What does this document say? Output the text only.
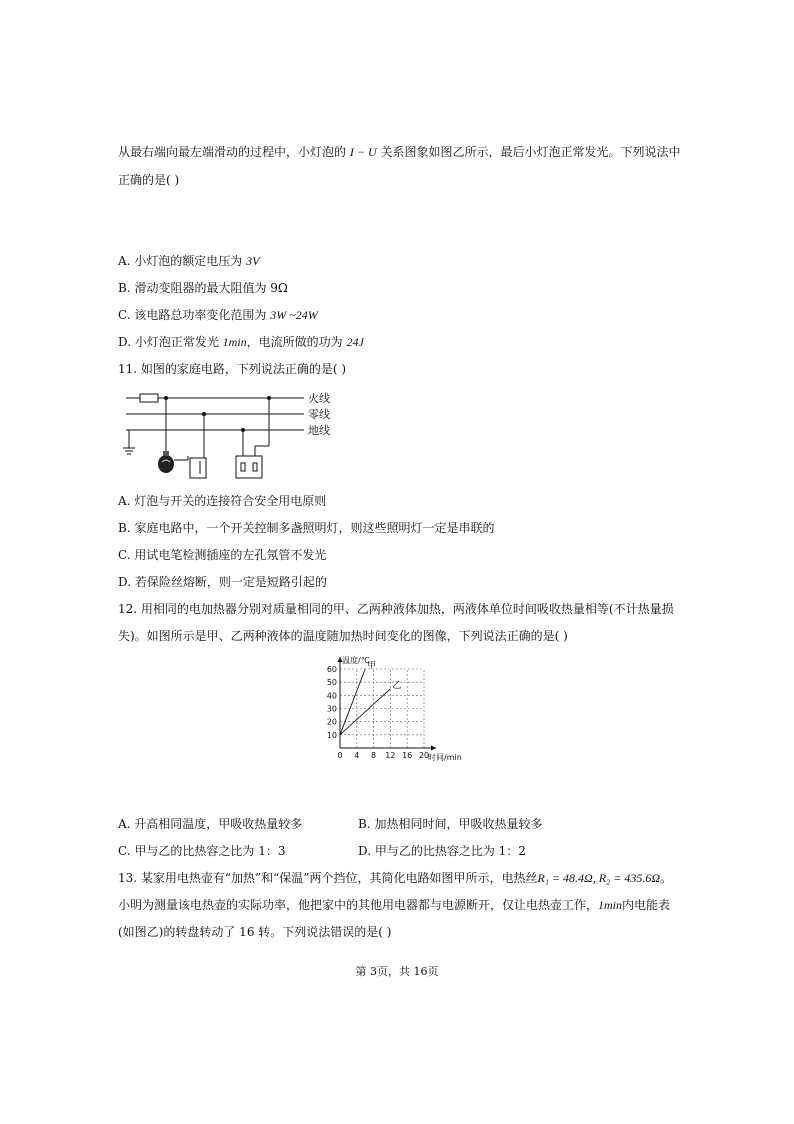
从最右端向最左端滑动的过程中，小灯泡的 I − U 关系图象如图乙所示，最后小灯泡正常发光。下列说法中
正确的是( )
A. 小灯泡的额定电压为 3V
B. 滑动变阻器的最大阻值为 9Ω
C. 该电路总功率变化范围为 3W ~24W
D. 小灯泡正常发光 1min，电流所做的功为 24J
11. 如图的家庭电路，下列说法正确的是( )
火线
零线
地线
A. 灯泡与开关的连接符合安全用电原则
B. 家庭电路中，一个开关控制多盏照明灯，则这些照明灯一定是串联的
C. 用试电笔检测插座的左孔氖管不发光
D. 若保险丝熔断，则一定是短路引起的
12. 用相同的电加热器分别对质量相同的甲、乙两种液体加热，两液体单位时间吸收热量相等(不计热量损
失)。如图所示是甲、乙两种液体的温度随加热时间变化的图像，下列说法正确的是( )
0 4 8 12 16 20
10
20
30
40
50
60	甲
乙
温度/℃
时间/min
A. 升高相同温度，甲吸收热量较多	B. 加热相同时间，甲吸收热量较多
C. 甲与乙的比热容之比为 1：3	D. 甲与乙的比热容之比为 1：2
13. 某家用电热壶有“加热”和“保温”两个挡位，其简化电路如图甲所示，电热丝R₁ = 48.4Ω, R₂ = 435.6Ω。
小明为测量该电热壶的实际功率，他把家中的其他用电器都与电源断开，仅让电热壶工作，1min内电能表
(如图乙)的转盘转动了 16 转。下列说法错误的是( )
第 3页，共 16页
